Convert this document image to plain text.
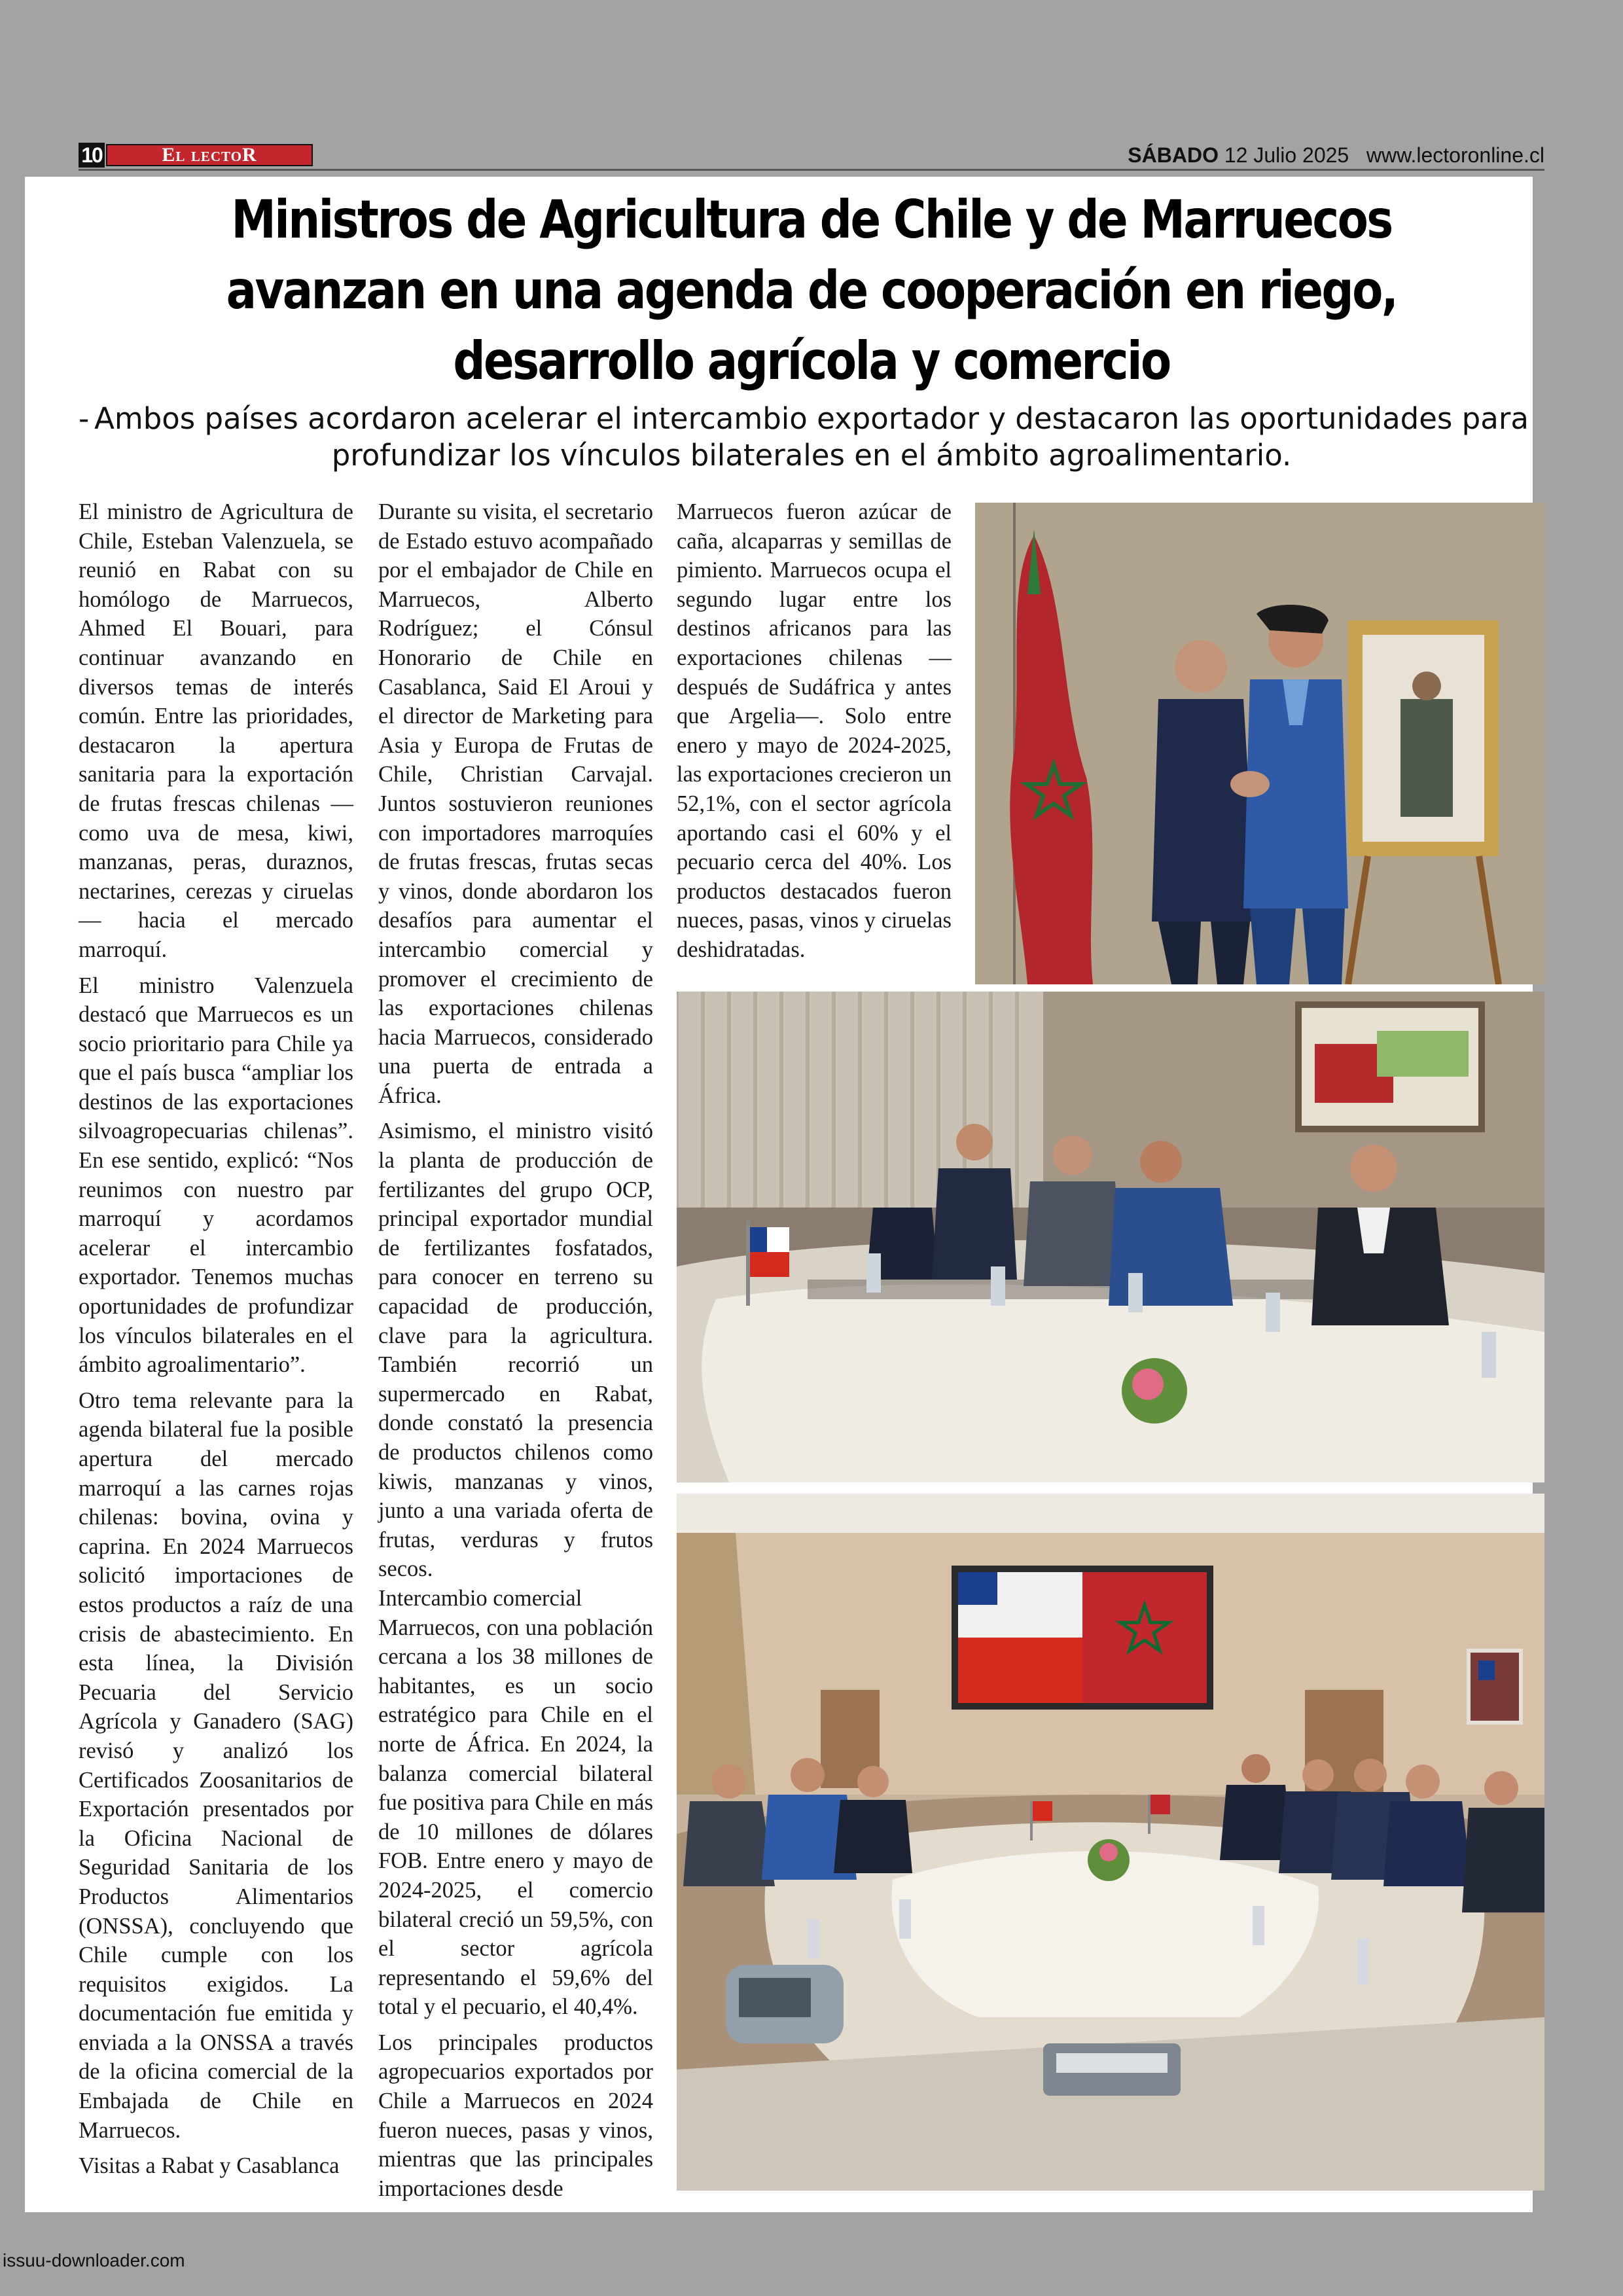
10	El lectoR	SÁBADO 12 Julio 2025 www.lectoronline.cl
Ministros de Agricultura de Chile y de Marruecos avanzan en una agenda de cooperación en riego, desarrollo agrícola y comercio
- Ambos países acordaron acelerar el intercambio exportador y destacaron las oportunidades para profundizar los vínculos bilaterales en el ámbito agroalimentario.

El ministro de Agricultura de Chile, Esteban Valenzuela, se reunió en Rabat con su homólogo de Marruecos, Ahmed El Bouari, para continuar avanzando en diversos temas de interés común. Entre las prioridades, destacaron la apertura sanitaria para la exportación de frutas frescas chilenas —como uva de mesa, kiwi, manzanas, peras, duraznos, nectarines, cerezas y ciruelas— hacia el mercado marroquí.

El ministro Valenzuela destacó que Marruecos es un socio prioritario para Chile ya que el país busca “ampliar los destinos de las exportaciones silvoagropecuarias chilenas”. En ese sentido, explicó: “Nos reunimos con nuestro par marroquí y acordamos acelerar el intercambio exportador. Tenemos muchas oportunidades de profundizar los vínculos bilaterales en el ámbito agroalimentario”.

Otro tema relevante para la agenda bilateral fue la posible apertura del mercado marroquí a las carnes rojas chilenas: bovina, ovina y caprina. En 2024 Marruecos solicitó importaciones de estos productos a raíz de una crisis de abastecimiento. En esta línea, la División Pecuaria del Servicio Agrícola y Ganadero (SAG) revisó y analizó los Certificados Zoosanitarios de Exportación presentados por la Oficina Nacional de Seguridad Sanitaria de los Productos Alimentarios (ONSSA), concluyendo que Chile cumple con los requisitos exigidos. La documentación fue emitida y enviada a la ONSSA a través de la oficina comercial de la Embajada de Chile en Marruecos.

Visitas a Rabat y Casablanca

Durante su visita, el secretario de Estado estuvo acompañado por el embajador de Chile en Marruecos, Alberto Rodríguez; el Cónsul Honorario de Chile en Casablanca, Said El Aroui y el director de Marketing para Asia y Europa de Frutas de Chile, Christian Carvajal. Juntos sostuvieron reuniones con importadores marroquíes de frutas frescas, frutas secas y vinos, donde abordaron los desafíos para aumentar el intercambio comercial y promover el crecimiento de las exportaciones chilenas hacia Marruecos, considerado una puerta de entrada a África.

Asimismo, el ministro visitó la planta de producción de fertilizantes del grupo OCP, principal exportador mundial de fertilizantes fosfatados, para conocer en terreno su capacidad de producción, clave para la agricultura. También recorrió un supermercado en Rabat, donde constató la presencia de productos chilenos como kiwis, manzanas y vinos, junto a una variada oferta de frutas, verduras y frutos secos.

Intercambio comercial

Marruecos, con una población cercana a los 38 millones de habitantes, es un socio estratégico para Chile en el norte de África. En 2024, la balanza comercial bilateral fue positiva para Chile en más de 10 millones de dólares FOB. Entre enero y mayo de 2024-2025, el comercio bilateral creció un 59,5%, con el sector agrícola representando el 59,6% del total y el pecuario, el 40,4%.

Los principales productos agropecuarios exportados por Chile a Marruecos en 2024 fueron nueces, pasas y vinos, mientras que las principales importaciones desde

Marruecos fueron azúcar de caña, alcaparras y semillas de pimiento. Marruecos ocupa el segundo lugar entre los destinos africanos para las exportaciones chilenas —después de Sudáfrica y antes que Argelia—. Solo entre enero y mayo de 2024-2025, las exportaciones crecieron un 52,1%, con el sector agrícola aportando casi el 60% y el pecuario cerca del 40%. Los productos destacados fueron nueces, pasas, vinos y ciruelas deshidratadas.

issuu-downloader.com
